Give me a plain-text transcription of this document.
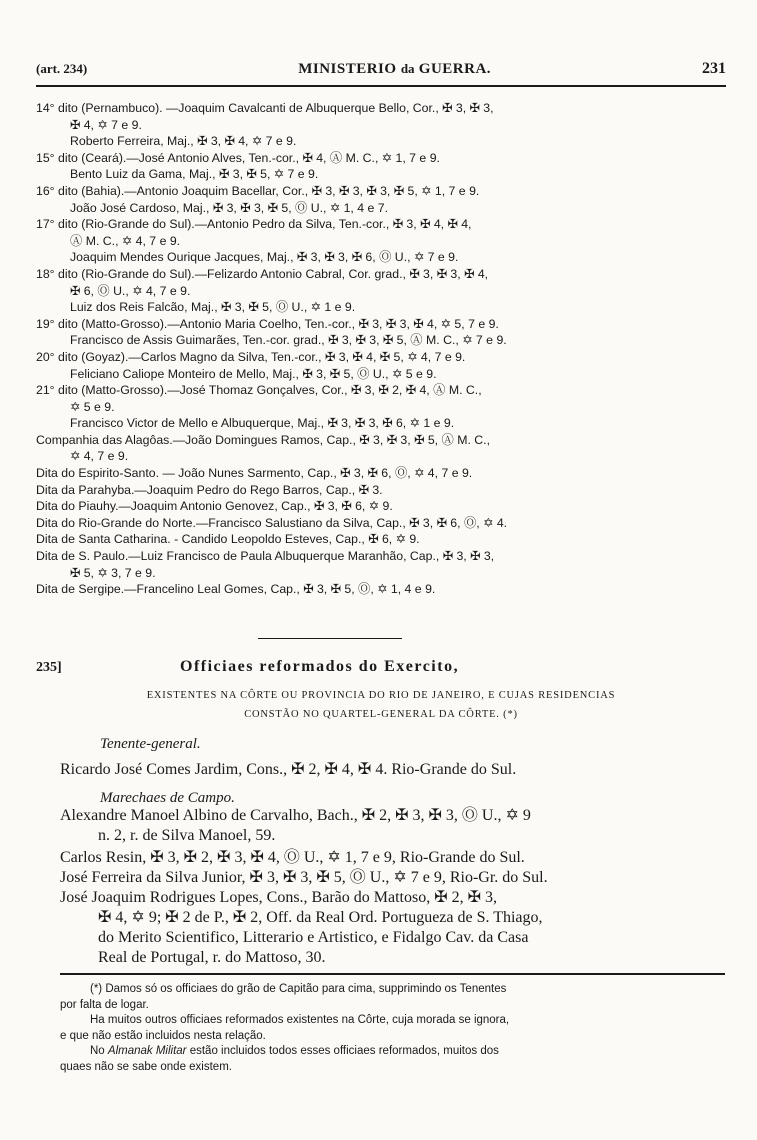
(art. 234)	MINISTERIO da GUERRA.	231
14° dito (Pernambuco). —Joaquim Cavalcanti de Albuquerque Bello, Cor., ✠ 3, ✠ 3,
✠ 4, ✡ 7 e 9.
Roberto Ferreira, Maj., ✠ 3, ✠ 4, ✡ 7 e 9.
15° dito (Ceará).—José Antonio Alves, Ten.-cor., ✠ 4, Ⓐ M. C., ✡ 1, 7 e 9.
Bento Luiz da Gama, Maj., ✠ 3, ✠ 5, ✡ 7 e 9.
16° dito (Bahia).—Antonio Joaquim Bacellar, Cor., ✠ 3, ✠ 3, ✠ 3, ✠ 5, ✡ 1, 7 e 9.
João José Cardoso, Maj., ✠ 3, ✠ 3, ✠ 5, Ⓞ U., ✡ 1, 4 e 7.
17° dito (Rio-Grande do Sul).—Antonio Pedro da Silva, Ten.-cor., ✠ 3, ✠ 4, ✠ 4,
Ⓐ M. C., ✡ 4, 7 e 9.
Joaquim Mendes Ourique Jacques, Maj., ✠ 3, ✠ 3, ✠ 6, Ⓞ U., ✡ 7 e 9.
18° dito (Rio-Grande do Sul).—Felizardo Antonio Cabral, Cor. grad., ✠ 3, ✠ 3, ✠ 4,
✠ 6, Ⓞ U., ✡ 4, 7 e 9.
Luiz dos Reis Falcão, Maj., ✠ 3, ✠ 5, Ⓞ U., ✡ 1 e 9.
19° dito (Matto-Grosso).—Antonio Maria Coelho, Ten.-cor., ✠ 3, ✠ 3, ✠ 4, ✡ 5, 7 e 9.
Francisco de Assis Guimarães, Ten.-cor. grad., ✠ 3, ✠ 3, ✠ 5, Ⓐ M. C., ✡ 7 e 9.
20° dito (Goyaz).—Carlos Magno da Silva, Ten.-cor., ✠ 3, ✠ 4, ✠ 5, ✡ 4, 7 e 9.
Feliciano Caliope Monteiro de Mello, Maj., ✠ 3, ✠ 5, Ⓞ U., ✡ 5 e 9.
21° dito (Matto-Grosso).—José Thomaz Gonçalves, Cor., ✠ 3, ✠ 2, ✠ 4, Ⓐ M. C.,
✡ 5 e 9.
Francisco Victor de Mello e Albuquerque, Maj., ✠ 3, ✠ 3, ✠ 6, ✡ 1 e 9.
Companhia das Alagôas.—João Domingues Ramos, Cap., ✠ 3, ✠ 3, ✠ 5, Ⓐ M. C.,
✡ 4, 7 e 9.
Dita do Espirito-Santo. — João Nunes Sarmento, Cap., ✠ 3, ✠ 6, Ⓞ, ✡ 4, 7 e 9.
Dita da Parahyba.—Joaquim Pedro do Rego Barros, Cap., ✠ 3.
Dita do Piauhy.—Joaquim Antonio Genovez, Cap., ✠ 3, ✠ 6, ✡ 9.
Dita do Rio-Grande do Norte.—Francisco Salustiano da Silva, Cap., ✠ 3, ✠ 6, Ⓞ, ✡ 4.
Dita de Santa Catharina. - Candido Leopoldo Esteves, Cap., ✠ 6, ✡ 9.
Dita de S. Paulo.—Luiz Francisco de Paula Albuquerque Maranhão, Cap., ✠ 3, ✠ 3,
✠ 5, ✡ 3, 7 e 9.
Dita de Sergipe.—Francelino Leal Gomes, Cap., ✠ 3, ✠ 5, Ⓞ, ✡ 1, 4 e 9.
235]	Officiaes reformados do Exercito,
EXISTENTES NA CÔRTE OU PROVINCIA DO RIO DE JANEIRO, E CUJAS RESIDENCIAS
CONSTÃO NO QUARTEL-GENERAL DA CÔRTE. (*)
Tenente-general.
Ricardo José Comes Jardim, Cons., ✠ 2, ✠ 4, ✠ 4. Rio-Grande do Sul.
Marechaes de Campo.
Alexandre Manoel Albino de Carvalho, Bach., ✠ 2, ✠ 3, ✠ 3, Ⓞ U., ✡ 9
n. 2, r. de Silva Manoel, 59.
Carlos Resin, ✠ 3, ✠ 2, ✠ 3, ✠ 4, Ⓞ U., ✡ 1, 7 e 9, Rio-Grande do Sul.
José Ferreira da Silva Junior, ✠ 3, ✠ 3, ✠ 5, Ⓞ U., ✡ 7 e 9, Rio-Gr. do Sul.
José Joaquim Rodrigues Lopes, Cons., Barão do Mattoso, ✠ 2, ✠ 3,
✠ 4, ✡ 9; ✠ 2 de P., ✠ 2, Off. da Real Ord. Portugueza de S. Thiago,
do Merito Scientifico, Litterario e Artistico, e Fidalgo Cav. da Casa
Real de Portugal, r. do Mattoso, 30.
(*) Damos só os officiaes do grão de Capitão para cima, supprimindo os Tenentes
por falta de logar.
Ha muitos outros officiaes reformados existentes na Côrte, cuja morada se ignora,
e que não estão incluidos nesta relação.
No Almanak Militar estão incluidos todos esses officiaes reformados, muitos dos
quaes não se sabe onde existem.
